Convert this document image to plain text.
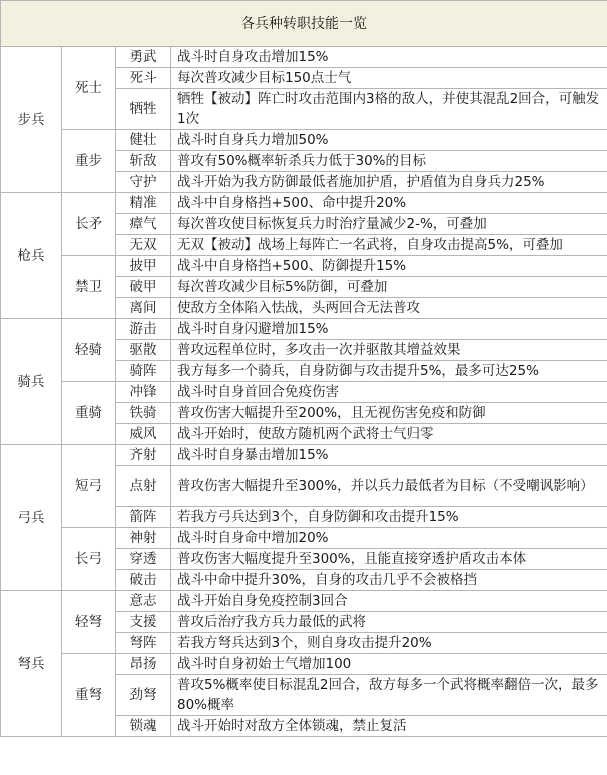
各兵种转职技能一览			
步兵	死士	勇武	战斗时自身攻击增加15%
		死斗	每次普攻减少目标150点士气
		牺牲	牺牲【被动】阵亡时攻击范围内3格的敌人，并使其混乱2回合，可触发1次
	重步	健壮	战斗时自身兵力增加50%
		斩敌	普攻有50%概率斩杀兵力低于30%的目标
		守护	战斗开始为我方防御最低者施加护盾，护盾值为自身兵力25%
枪兵	长矛	精准	战斗中自身格挡+500、命中提升20%
		瘴气	每次普攻使目标恢复兵力时治疗量减少2-%，可叠加
		无双	无双【被动】战场上每阵亡一名武将，自身攻击提高5%，可叠加
	禁卫	披甲	战斗中自身格挡+500、防御提升15%
		破甲	每次普攻减少目标5%防御，可叠加
		离间	使敌方全体陷入怯战，头两回合无法普攻
骑兵	轻骑	游击	战斗时自身闪避增加15%
		驱散	普攻远程单位时，多攻击一次并驱散其增益效果
		骑阵	我方每多一个骑兵，自身防御与攻击提升5%，最多可达25%
	重骑	冲锋	战斗时自身首回合免疫伤害
		铁骑	普攻伤害大幅提升至200%，且无视伤害免疫和防御
		威风	战斗开始时，使敌方随机两个武将士气归零
弓兵	短弓	齐射	战斗时自身暴击增加15%
		点射	普攻伤害大幅提升至300%，并以兵力最低者为目标（不受嘲讽影响）
		箭阵	若我方弓兵达到3个，自身防御和攻击提升15%
	长弓	神射	战斗时自身命中增加20%
		穿透	普攻伤害大幅度提升至300%，且能直接穿透护盾攻击本体
		破击	战斗中命中提升30%，自身的攻击几乎不会被格挡
弩兵	轻弩	意志	战斗开始自身免疫控制3回合
		支援	普攻后治疗我方兵力最低的武将
		弩阵	若我方弩兵达到3个，则自身攻击提升20%
	重弩	昂扬	战斗时自身初始士气增加100
		劲弩	普攻5%概率使目标混乱2回合，敌方每多一个武将概率翻倍一次，最多80%概率
		锁魂	战斗开始时对敌方全体锁魂，禁止复活
